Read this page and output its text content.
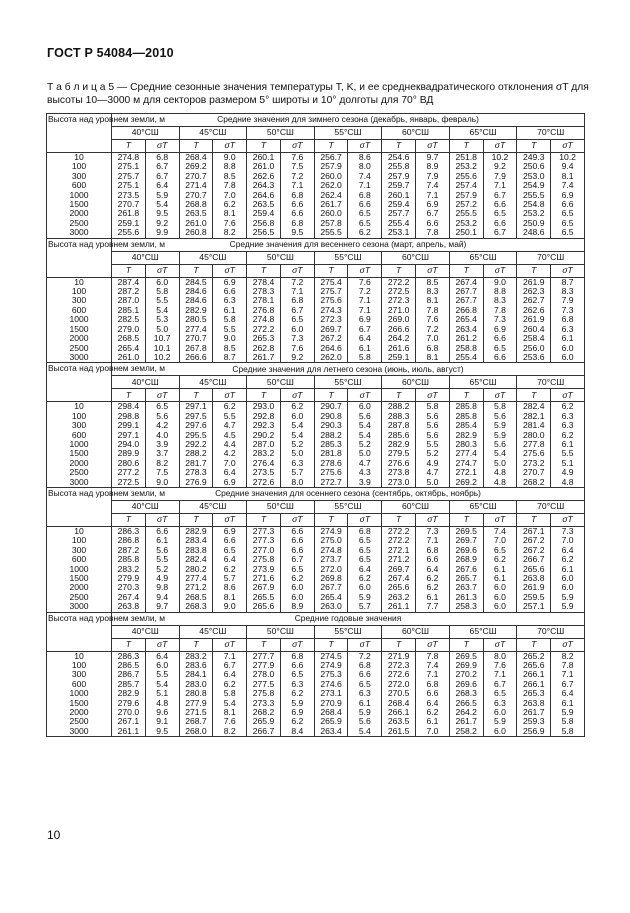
ГОСТ Р 54084—2010
Т а б л и ц а 5 — Средние сезонные значения температуры T, K, и ее среднеквадратического отклонения σT для высоты 10—3000 м для секторов размером 5° широты и 10° долготы для 70° ВД
Высота над уровнем земли, м	Средние значения для зимнего сезона (декабрь, январь, февраль)													
	40°СШ		45°СШ		50°СШ		55°СШ		60°СШ		65°СШ		70°СШ	
	T	σT	T	σT	T	σT	T	σT	T	σT	T	σT	T	σT
10	274.8	6.8	268.4	9.0	260.1	7.6	256.7	8.6	254.6	9.7	251.8	10.2	249.3	10.2
100	275.1	6.7	269.2	8.8	261.0	7.5	257.9	8.0	255.8	8.9	253.2	9.2	250.6	9.4
300	275.7	6.7	270.7	8.5	262.6	7.2	260.0	7.4	257.9	7.9	255.6	7.9	253.0	8.1
600	275.1	6.4	271.4	7.8	264.3	7.1	262.0	7.1	259.7	7.4	257.4	7.1	254.9	7.4
1000	273.5	5.9	270.7	7.0	264.6	6.8	262.4	6.8	260.1	7.1	257.9	6.7	255.5	6.9
1500	270.7	5.4	268.8	6.2	263.5	6.6	261.7	6.6	259.4	6.9	257.2	6.6	254.8	6.6
2000	261.8	9.5	263.5	8.1	259.4	6.6	260.0	6.5	257.7	6.7	255.5	6.5	253.2	6.5
2500	259.1	9.2	261.0	7.6	256.8	6.8	257.8	6.5	255.4	6.6	253.2	6.6	250.9	6.5
3000	255.6	9.9	260.8	8.2	256.5	9.5	255.5	6.2	253.1	7.8	250.1	6.7	248.6	6.5
Высота над уровнем земли, м	Средние значения для весеннего сезона (март, апрель, май)													
	40°СШ		45°СШ		50°СШ		55°СШ		60°СШ		65°СШ		70°СШ	
	T	σT	T	σT	T	σT	T	σT	T	σT	T	σT	T	σT
10	287.4	6.0	284.5	6.9	278.4	7.2	275.4	7.6	272.2	8.5	267.4	9.0	261.9	8.7
100	287.2	5.8	284.6	6.6	278.3	7.1	275.7	7.2	272.5	8.3	267.7	8.8	262.3	8.3
300	287.0	5.5	284.6	6.3	278.1	6.8	275.6	7.1	272.3	8.1	267.7	8.3	262.7	7.9
600	285.1	5.4	282.9	6.1	276.8	6.7	274.3	7.1	271.0	7.8	266.8	7.8	262.6	7.3
1000	282.5	5.3	280.5	5.8	274.8	6.5	272.3	6.9	269.0	7.6	265.4	7.3	261.9	6.8
1500	279.0	5.0	277.4	5.5	272.2	6.0	269.7	6.7	266.6	7.2	263.4	6.9	260.4	6.3
2000	268.5	10.7	270.7	9.0	265.3	7.3	267.2	6.4	264.2	7.0	261.2	6.6	258.4	6.1
2500	265.4	10.1	267.8	8.5	262.8	7.6	264.6	6.1	261.6	6.8	258.8	6.5	256.0	6.0
3000	261.0	10.2	266.6	8.7	261.7	9.2	262.0	5.8	259.1	8.1	255.4	6.6	253.6	6.0
Высота над уровнем земли, м	Средние значения для летнего сезона (июнь, июль, август)													
	40°СШ		45°СШ		50°СШ		55°СШ		60°СШ		65°СШ		70°СШ	
	T	σT	T	σT	T	σT	T	σT	T	σT	T	σT	T	σT
10	298.4	6.5	297.1	6.2	293.0	6.2	290.7	6.0	288.2	5.8	285.8	5.8	282.4	6.2
100	298.8	5.6	297.5	5.5	292.8	6.0	290.8	5.6	288.3	5.6	285.8	5.6	282.1	6.3
300	299.1	4.2	297.6	4.7	292.3	5.4	290.3	5.4	287.8	5.6	285.4	5.9	281.4	6.3
600	297.1	4.0	295.5	4.5	290.2	5.4	288.2	5.4	285.6	5.6	282.9	5.9	280.0	6.2
1000	294.0	3.9	292.2	4.4	287.0	5.2	285.3	5.2	282.9	5.5	280.3	5.6	277.8	6.1
1500	289.9	3.7	288.2	4.2	283.2	5.0	281.8	5.0	279.5	5.2	277.4	5.4	275.6	5.5
2000	280.6	8.2	281.7	7.0	276.4	6.3	278.6	4.7	276.6	4.9	274.7	5.0	273.2	5.1
2500	277.2	7.5	278.3	6.4	273.5	5.7	275.6	4.3	273.8	4.7	272.1	4.8	270.7	4.9
3000	272.5	9.0	276.9	6.9	272.6	8.0	272.7	3.9	273.0	5.0	269.2	4.8	268.2	4.8
Высота над уровнем земли, м	Средние значения для осеннего сезона (сентябрь, октябрь, ноябрь)													
	40°СШ		45°СШ		50°СШ		55°СШ		60°СШ		65°СШ		70°СШ	
	T	σT	T	σT	T	σT	T	σT	T	σT	T	σT	T	σT
10	286.3	6.6	282.9	6.9	277.3	6.6	274.9	6.8	272.2	7.3	269.5	7.4	267.1	7.3
100	286.8	6.1	283.4	6.6	277.3	6.6	275.0	6.5	272.2	7.1	269.7	7.0	267.2	7.0
300	287.2	5.6	283.8	6.5	277.0	6.6	274.8	6.5	272.1	6.8	269.6	6.5	267.2	6.4
600	285.8	5.5	282.4	6.4	275.8	6.7	273.7	6.5	271.2	6.6	268.9	6.2	266.7	6.2
1000	283.2	5.2	280.2	6.2	273.9	6.5	272.0	6.4	269.7	6.4	267.6	6.1	265.6	6.1
1500	279.9	4.9	277.4	5.7	271.6	6.2	269.8	6.2	267.4	6.2	265.7	6.1	263.8	6.0
2000	270.3	9.8	271.2	8.6	267.9	6.0	267.7	6.0	265.6	6.2	263.7	6.0	261.9	6.0
2500	267.4	9.4	268.5	8.1	265.5	6.0	265.4	5.9	263.2	6.1	261.3	6.0	259.5	5.9
3000	263.8	9.7	268.3	9.0	265.6	8.9	263.0	5.7	261.1	7.7	258.3	6.0	257.1	5.9
Высота над уровнем земли, м	Средние годовые значения													
	40°СШ		45°СШ		50°СШ		55°СШ		60°СШ		65°СШ		70°СШ	
	T	σT	T	σT	T	σT	T	σT	T	σT	T	σT	T	σT
10	286.3	6.4	283.2	7.1	277.7	6.8	274.5	7.2	271.9	7.8	269.5	8.0	265.2	8.2
100	286.5	6.0	283.6	6.7	277.9	6.6	274.9	6.8	272.3	7.4	269.9	7.6	265.6	7.8
300	286.7	5.5	284.1	6.4	278.0	6.5	275.3	6.6	272.6	7.1	270.2	7.1	266.1	7.1
600	285.7	5.4	283.0	6.2	277.5	6.3	274.6	6.5	272.0	6.8	269.6	6.7	266.1	6.7
1000	282.9	5.1	280.8	5.8	275.8	6.2	273.1	6.3	270.5	6.6	268.3	6.5	265.3	6.4
1500	279.6	4.8	277.9	5.4	273.3	5.9	270.9	6.1	268.4	6.4	266.5	6.3	263.8	6.1
2000	270.0	9.6	271.5	8.1	268.2	6.9	268.4	5.9	266.1	6.2	264.2	6.0	261.7	5.9
2500	267.1	9.1	268.7	7.6	265.9	6.2	265.9	5.6	263.5	6.1	261.7	5.9	259.3	5.8
3000	261.1	9.5	268.0	8.2	266.7	8.4	263.4	5.4	261.5	7.0	258.2	6.0	256.9	5.8
10
